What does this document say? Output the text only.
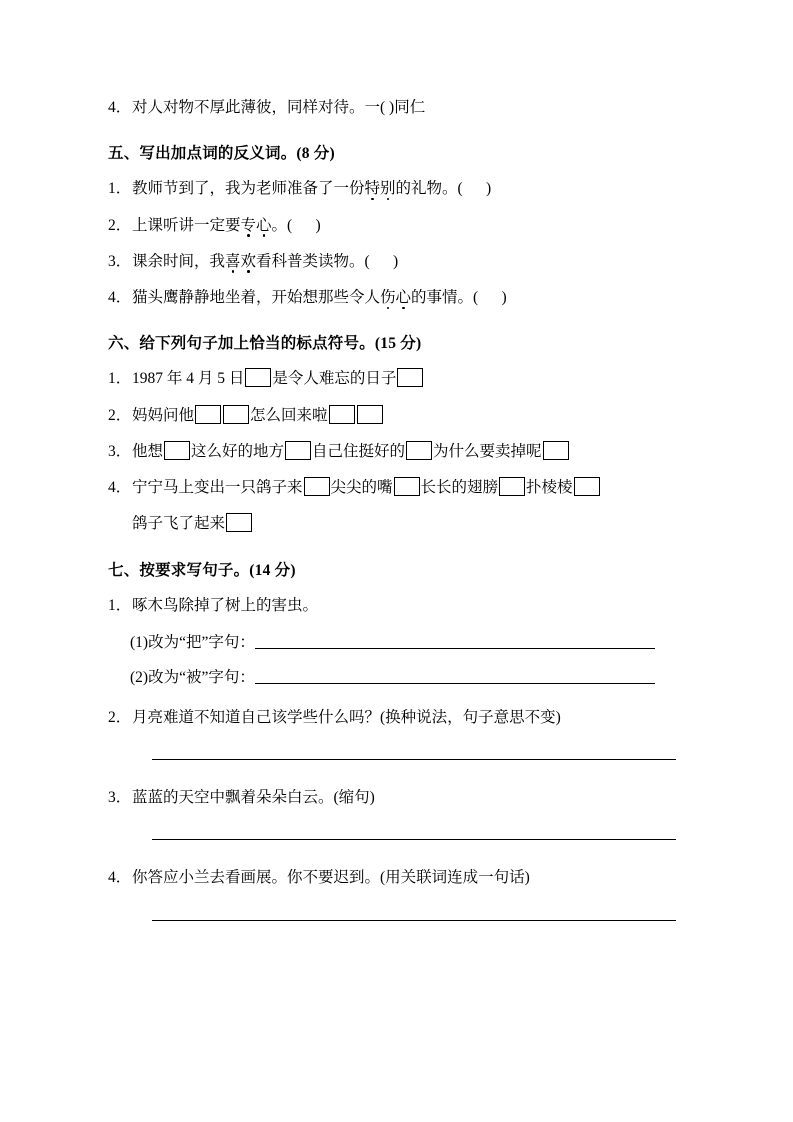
4． 对人对物不厚此薄彼，同样对待。一( )同仁
五、写出加点词的反义词。(8 分)
1． 教师节到了，我为老师准备了一份特别的礼物。(      )
2． 上课听讲一定要专心。(      )
3． 课余时间，我喜欢看科普类读物。(      )
4． 猫头鹰静静地坐着，开始想那些令人伤心的事情。(      )
六、给下列句子加上恰当的标点符号。(15 分)
1． 1987 年 4 月 5 日 是令人难忘的日子
2． 妈妈问他	怎么回来啦
3． 他想 这么好的地方 自己住挺好的 为什么要卖掉呢
4． 宁宁马上变出一只鸽子来 尖尖的嘴 长长的翅膀 扑棱棱
鸽子飞了起来
七、按要求写句子。(14 分)
1． 啄木鸟除掉了树上的害虫。
(1)改为“把”字句：
(2)改为“被”字句：
2． 月亮难道不知道自己该学些什么吗？(换种说法，句子意思不变)
3． 蓝蓝的天空中飘着朵朵白云。(缩句)
4． 你答应小兰去看画展。你不要迟到。(用关联词连成一句话)
